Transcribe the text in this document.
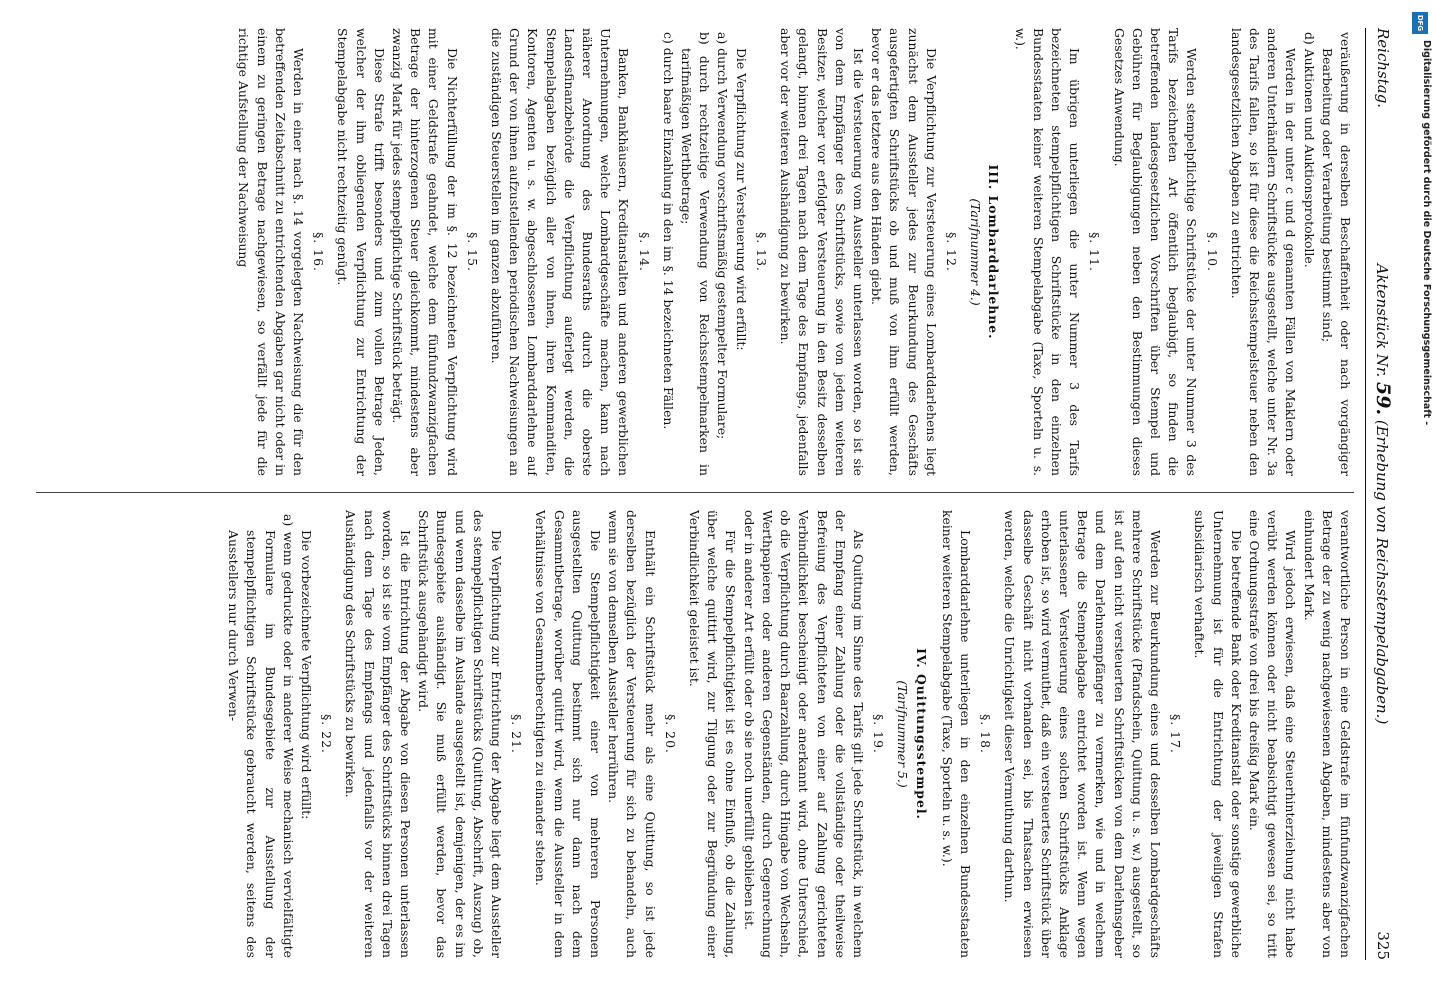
Reichstag.
Aktenstück Nr. 59. (Erhebung von Reichsstempelabgaben.)
325

veräußerung in derselben Beschaffenheit oder nach vorgängiger Bearbeitung oder Verarbeitung bestimmt sind;

d) Auktionen und Auktionsprotokolle.

Werden in der unter c und d genannten Fällen von Maklern oder anderen Unterhändlern Schriftstücke ausgestellt, welche unter Nr. 3a des Tarifs fallen, so ist für diese die Reichsstempelsteuer neben den landesgesetzlichen Abgaben zu entrichten.

§. 10.

Werden stempelpflichtige Schriftstücke der unter Nummer 3 des Tarifs bezeichneten Art öffentlich beglaubigt, so finden die betreffenden landesgesetzlichen Vorschriften über Stempel und Gebühren für Beglaubigungen neben den Bestimmungen dieses Gesetzes Anwendung.

§. 11.

Im übrigen unterliegen die unter Nummer 3 des Tarifs bezeichneten stempelpflichtigen Schriftstücke in den einzelnen Bundesstaaten keiner weiteren Stempelabgabe (Taxe, Sporteln u. s. w.).

III. Lombarddarlehne.
(Tarifnummer 4.)
§. 12.

Die Verpflichtung zur Versteuerung eines Lombarddarlehens liegt zunächst dem Aussteller jedes zur Beurkundung des Geschäfts ausgefertigten Schriftstücks ob und muß von ihm erfüllt werden, bevor er das letztere aus den Händen giebt.

Ist die Versteuerung vom Aussteller unterlassen worden, so ist sie von dem Empfänger des Schriftstücks, sowie von jedem weiteren Besitzer, welcher vor erfolgter Versteuerung in den Besitz desselben gelangt, binnen drei Tagen nach dem Tage des Empfangs, jedenfalls aber vor der weiteren Aushändigung zu bewirken.

§. 13.

Die Verpflichtung zur Versteuerung wird erfüllt:

a) durch Verwendung vorschriftsmäßig gestempelter Formulare;

b) durch rechtzeitige Verwendung von Reichsstempelmarken in tarifmäßigen Werthbetrage;

c) durch baare Einzahlung in den im §. 14 bezeichneten Fällen.

§. 14.

Banken, Bankhäusern, Kreditanstalten und anderen gewerblichen Unternehmungen, welche Lombardgeschäfte machen, kann nach näherer Anordnung des Bundesraths durch die oberste Landesfinanzbehörde die Verpflichtung auferlegt werden, die Stempelabgaben bezüglich aller von ihnen, ihren Kommanditen, Kontoren, Agenten u. s. w. abgeschlossenen Lombarddarlehne auf Grund der von ihnen aufzustellenden periodischen Nachweisungen an die zuständigen Steuerstellen im ganzen abzuführen.

§. 15.

Die Nichterfüllung der im §. 12 bezeichneten Verpflichtung wird mit einer Geldstrafe geahndet, welche dem fünfundzwanzigfachen Betrage der hinterzogenen Steuer gleichkommt, mindestens aber zwanzig Mark für jedes stempelpflichtige Schriftstück beträgt.

Diese Strafe trifft besonders und zum vollen Betrage Jeden, welcher der ihm obliegenden Verpflichtung zur Entrichtung der Stempelabgabe nicht rechtzeitig genügt.

§. 16.

Werden in einer nach §. 14 vorgelegten Nachweisung die für den betreffenden Zeitabschnitt zu entrichtenden Abgaben gar nicht oder in einem zu geringen Betrage nachgewiesen, so verfällt jede für die richtige Aufstellung der Nachweisung

verantwortliche Person in eine Geldstrafe im fünfundzwanzigfachen Betrage der zu wenig nachgewiesenen Abgaben, mindestens aber von einhundert Mark.

Wird jedoch erwiesen, daß eine Steuerhinterziehung nicht habe verübt werden können oder nicht beabsichtigt gewesen sei, so tritt eine Ordnungsstrafe von drei bis dreißig Mark ein.

Die betreffende Bank oder Kreditanstalt oder sonstige gewerbliche Unternehmung ist für die Entrichtung der jeweiligen Strafen subsidiarisch verhaftet.

§. 17.

Werden zur Beurkundung eines und desselben Lombardgeschäfts mehrere Schriftstücke (Pfandschein, Quittung u. s. w.) ausgestellt, so ist auf den nicht versteuerten Schriftstücken von dem Darlehnsgeber und dem Darlehnsempfänger zu vermerken, wie und in welchem Betrage die Stempelabgabe entrichtet worden ist. Wenn wegen unterlassener Versteuerung eines solchen Schriftstücks Anklage erhoben ist, so wird vermuthet, daß ein versteuertes Schriftstück über dasselbe Geschäft nicht vorhanden sei, bis Thatsachen erwiesen werden, welche die Unrichtigkeit dieser Vermuthung darthun.

§. 18.

Lombarddarlehne unterliegen in den einzelnen Bundesstaaten keiner weiteren Stempelabgabe (Taxe, Sporteln u. s. w.).

IV. Quittungsstempel.
(Tarifnummer 5.)
§. 19.

Als Quittung im Sinne des Tarifs gilt jede Schriftstück, in welchem der Empfang einer Zahlung oder die vollständige oder theilweise Befreiung des Verpflichteten von einer auf Zahlung gerichteten Verbindlichkeit bescheinigt oder anerkannt wird, ohne Unterschied, ob die Verpflichtung durch Baarzahlung, durch Hingabe von Wechseln, Werthpapieren oder anderen Gegenständen, durch Gegenrechnung oder in anderer Art erfüllt oder ob sie noch unerfüllt geblieben ist.

Für die Stempelpflichtigkeit ist es ohne Einfluß, ob die Zahlung, über welche quittirt wird, zur Tilgung oder zur Begründung einer Verbindlichkeit geleistet ist.

§. 20.

Enthält ein Schriftstück mehr als eine Quittung, so ist jede derselben bezüglich der Versteuerung für sich zu behandeln, auch wenn sie von demselben Aussteller herrühren.

Die Stempelpflichtigkeit einer von mehreren Personen ausgestellten Quittung bestimmt sich nur dann nach dem Gesammtbetrage, worüber quittirt wird, wenn die Aussteller in dem Verhältnisse von Gesammtberechtigten zu einander stehen.

§. 21.

Die Verpflichtung zur Entrichtung der Abgabe liegt dem Aussteller des stempelpflichtigen Schriftstücks (Quittung, Abschrift, Auszug) ob, und wenn dasselbe im Auslande ausgestellt ist, demjenigen, der es im Bundesgebiete aushändigt. Sie muß erfüllt werden, bevor das Schriftstück ausgehändigt wird.

Ist die Entrichtung der Abgabe von diesen Personen unterlassen worden, so ist sie vom Empfänger des Schriftstücks binnen drei Tagen nach dem Tage des Empfangs und jedenfalls vor der weiteren Aushändigung des Schriftstücks zu bewirken.

§. 22.

Die vorbezeichnete Verpflichtung wird erfüllt:

a) wenn gedruckte oder in anderer Weise mechanisch vervielfältigte Formulare im Bundesgebiete zur Ausstellung der stempelpflichtigen Schriftstücke gebraucht werden, seitens des Ausstellers nur durch Verwen-

DFG
Digitalisierung gefördert durch die Deutsche Forschungsgemeinschaft -
